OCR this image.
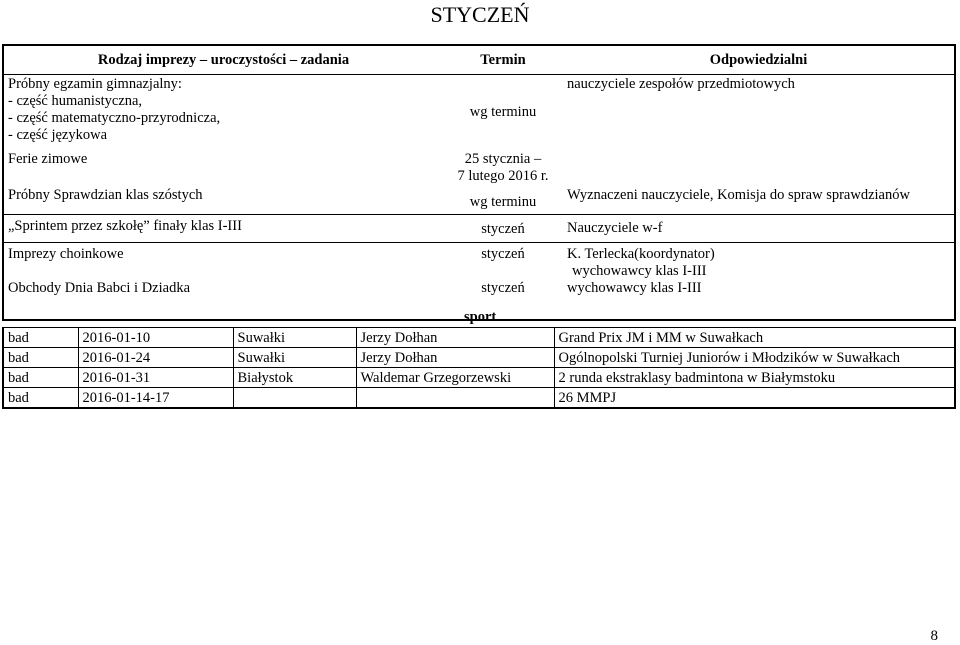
STYCZEŃ
Rodzaj imprezy – uroczystości – zadania	Termin	Odpowiedzialni

Próbny egzamin gimnazjalny:
- część humanistyczna,
- część matematyczno-przyrodnicza,
- część językowa	wg terminu	nauczyciele zespołów przedmiotowych
Ferie zimowe	25 stycznia –
7 lutego 2016 r.	

Próbny Sprawdzian klas szóstych	wg terminu	Wyznaczeni nauczyciele, Komisja do spraw sprawdzianów
„Sprintem przez szkołę” finały klas I-III	styczeń	Nauczyciele w-f
Imprezy choinkowe	styczeń	K. Terlecka(koordynator)
wychowawcy klas I-III

Obchody Dnia Babci i Dziadka	styczeń	wychowawcy klas I-III
sport
bad	2016-01-10	Suwałki	Jerzy Dołhan	Grand Prix JM i MM w Suwałkach
bad	2016-01-24	Suwałki	Jerzy Dołhan	Ogólnopolski Turniej Juniorów i Młodzików w Suwałkach
bad	2016-01-31	Białystok	Waldemar Grzegorzewski	2 runda ekstraklasy badmintona w Białymstoku
bad	2016-01-14-17			26 MMPJ
8
